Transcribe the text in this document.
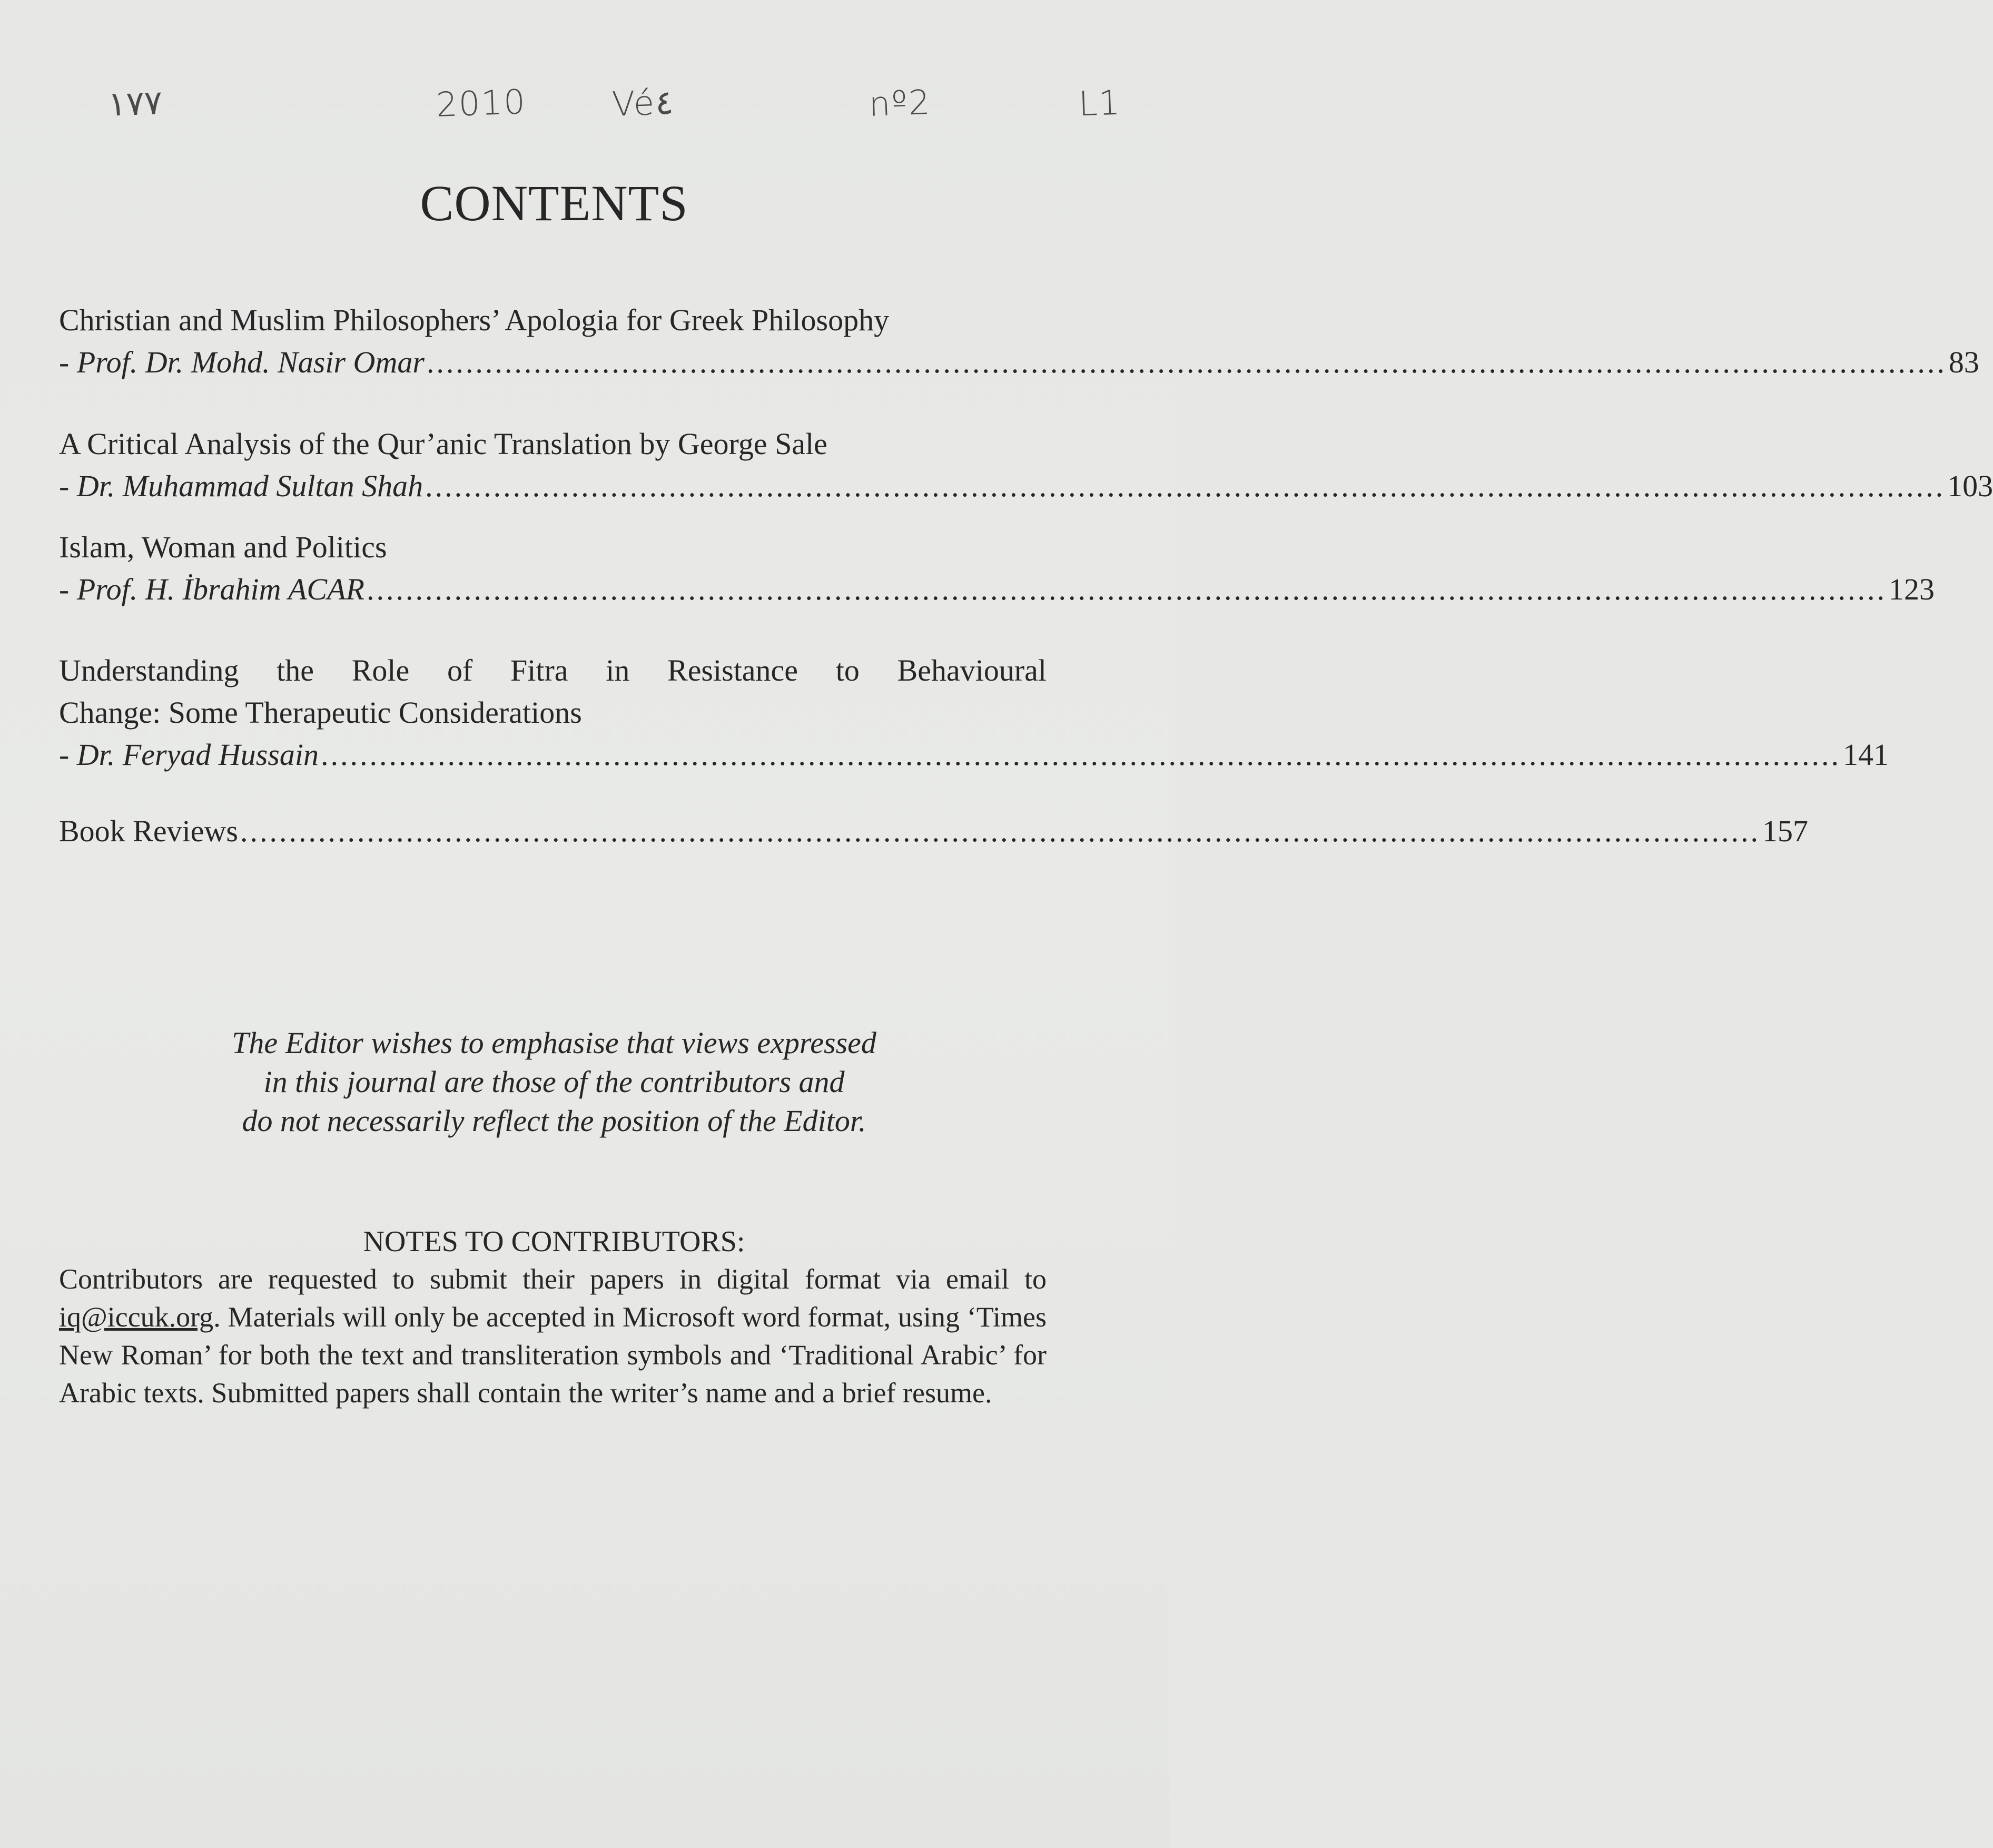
١٧٧	2010	Vé٤	nº2	L1
CONTENTS
Christian and Muslim Philosophers’ Apologia for Greek Philosophy
- Prof. Dr. Mohd. Nasir Omar ............................................................................................................................................................ 83
A Critical Analysis of the Qur’anic Translation by George Sale
- Dr. Muhammad Sultan Shah ............................................................................................................................................................ 103
Islam, Woman and Politics
- Prof. H. İbrahim ACAR ............................................................................................................................................................ 123
Understanding the Role of Fitra in Resistance to Behavioural
Change: Some Therapeutic Considerations
- Dr. Feryad Hussain ............................................................................................................................................................ 141
Book Reviews ............................................................................................................................................................ 157
The Editor wishes to emphasise that views expressed
in this journal are those of the contributors and
do not necessarily reflect the position of the Editor.
NOTES TO CONTRIBUTORS:
Contributors are requested to submit their papers in digital format via email to iq@iccuk.org. Materials will only be accepted in Microsoft word format, using ‘Times New Roman’ for both the text and transliteration symbols and ‘Traditional Arabic’ for Arabic texts. Submitted papers shall contain the writer’s name and a brief resume.
